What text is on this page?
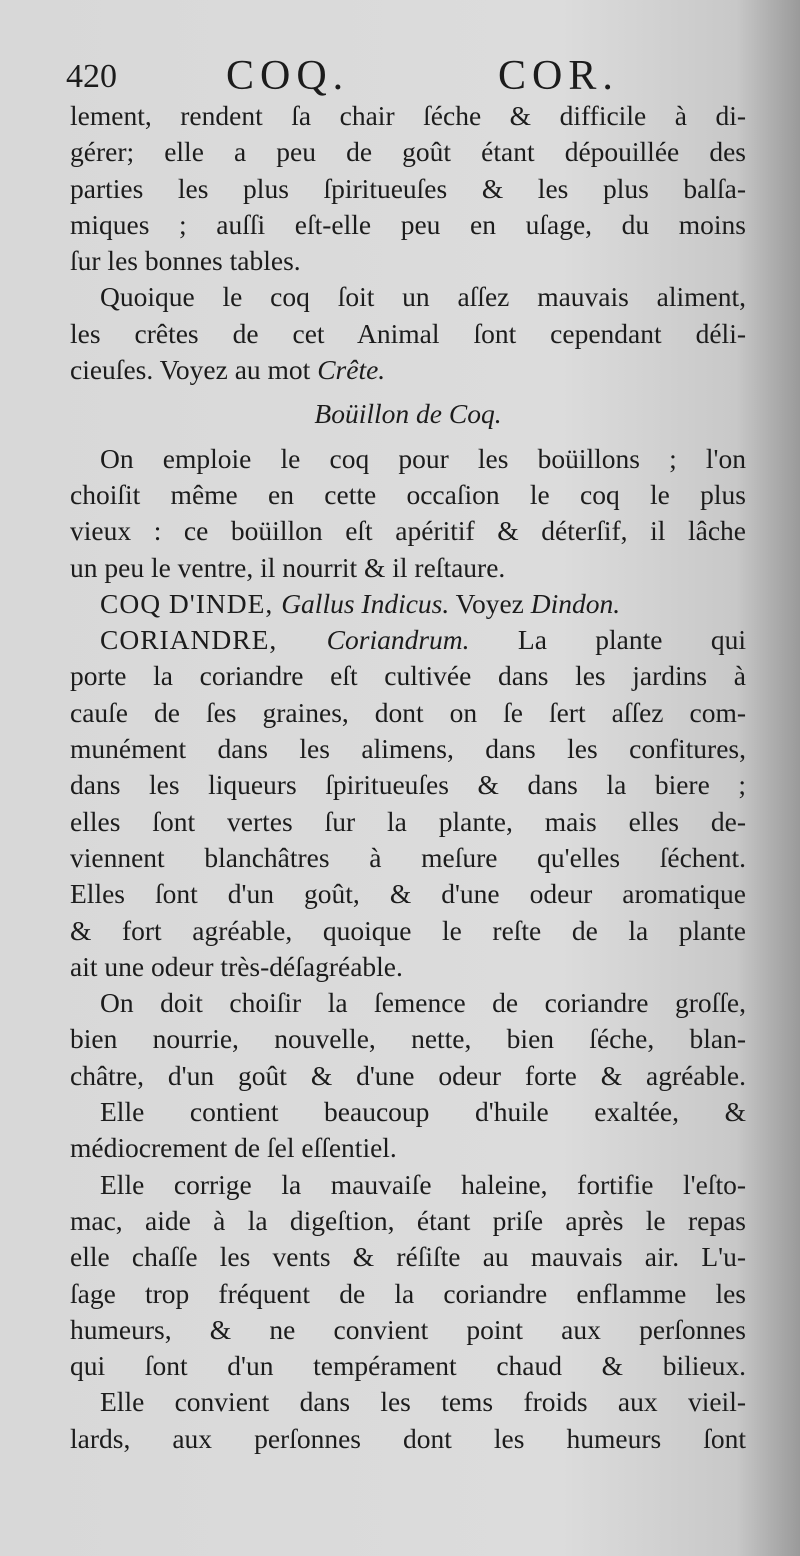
420	COQ.	COR.
lement, rendent ſa chair ſéche & difficile à di-
gérer; elle a peu de goût étant dépouillée des
parties les plus ſpiritueuſes & les plus balſa-
miques ; auſſi eſt-elle peu en uſage, du moins
ſur les bonnes tables.
Quoique le coq ſoit un aſſez mauvais aliment,
les crêtes de cet Animal ſont cependant déli-
cieuſes. Voyez au mot Crête.
Boüillon de Coq.
On emploie le coq pour les boüillons ; l'on
choiſit même en cette occaſion le coq le plus
vieux : ce boüillon eſt apéritif & déterſif, il lâche
un peu le ventre, il nourrit & il reſtaure.
COQ D'INDE, Gallus Indicus. Voyez Dindon.
CORIANDRE, Coriandrum. La plante qui
porte la coriandre eſt cultivée dans les jardins à
cauſe de ſes graines, dont on ſe ſert aſſez com-
munément dans les alimens, dans les confitures,
dans les liqueurs ſpiritueuſes & dans la biere ;
elles ſont vertes ſur la plante, mais elles de-
viennent blanchâtres à meſure qu'elles ſéchent.
Elles ſont d'un goût, & d'une odeur aromatique
& fort agréable, quoique le reſte de la plante
ait une odeur très-déſagréable.
On doit choiſir la ſemence de coriandre groſſe,
bien nourrie, nouvelle, nette, bien ſéche, blan-
châtre, d'un goût & d'une odeur forte & agréable.
Elle contient beaucoup d'huile exaltée, &
médiocrement de ſel eſſentiel.
Elle corrige la mauvaiſe haleine, fortifie l'eſto-
mac, aide à la digeſtion, étant priſe après le repas
elle chaſſe les vents & réſiſte au mauvais air. L'u-
ſage trop fréquent de la coriandre enflamme les
humeurs, & ne convient point aux perſonnes
qui ſont d'un tempérament chaud & bilieux.
Elle convient dans les tems froids aux vieil-
lards, aux perſonnes dont les humeurs ſont
